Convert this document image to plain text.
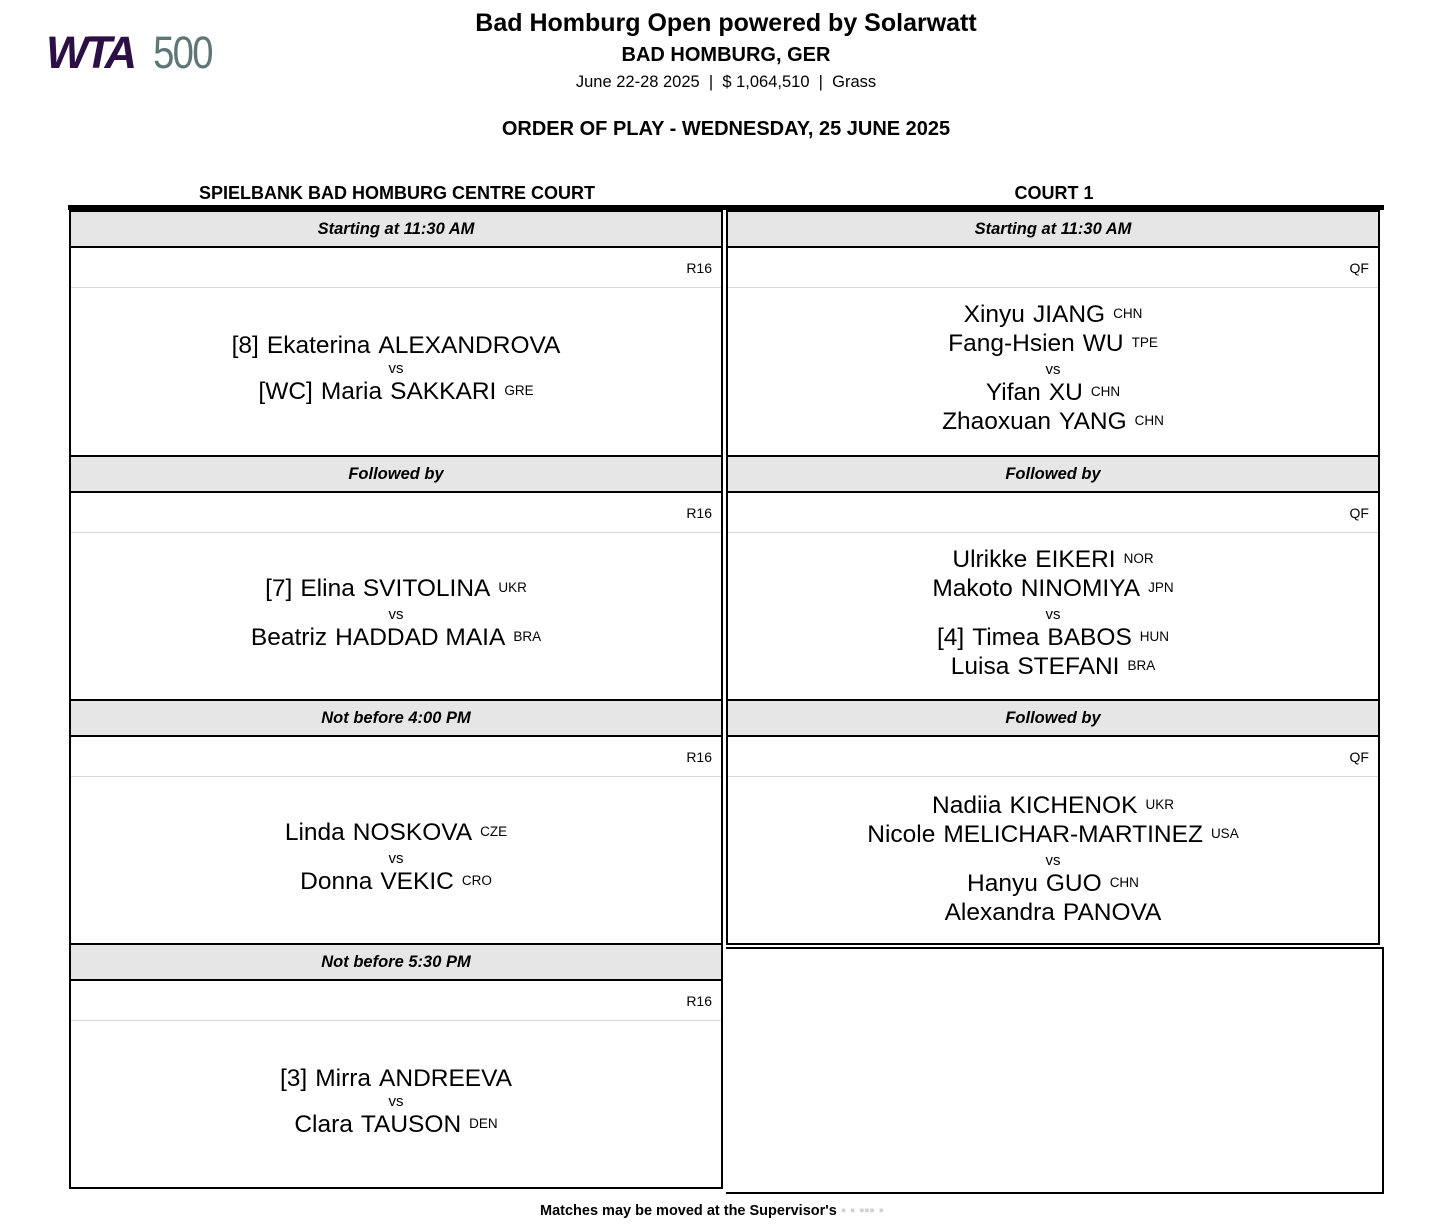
WTA 500
Bad Homburg Open powered by Solarwatt
BAD HOMBURG, GER
June 22-28 2025  |  $ 1,064,510  |  Grass
ORDER OF PLAY - WEDNESDAY, 25 JUNE 2025
SPIELBANK BAD HOMBURG CENTRE COURT	COURT 1
Starting at 11:30 AM
R16
[8] Ekaterina ALEXANDROVA
vs
[WC] Maria SAKKARI GRE
Followed by
R16
[7] Elina SVITOLINA UKR
vs
Beatriz HADDAD MAIA BRA
Not before 4:00 PM
R16
Linda NOSKOVA CZE
vs
Donna VEKIC CRO
Not before 5:30 PM
R16
[3] Mirra ANDREEVA
vs
Clara TAUSON DEN
Starting at 11:30 AM
QF
Xinyu JIANG CHN
Fang-Hsien WU TPE
vs
Yifan XU CHN
Zhaoxuan YANG CHN
Followed by
QF
Ulrikke EIKERI NOR
Makoto NINOMIYA JPN
vs
[4] Timea BABOS HUN
Luisa STEFANI BRA
Followed by
QF
Nadiia KICHENOK UKR
Nicole MELICHAR-MARTINEZ USA
vs
Hanyu GUO CHN
Alexandra PANOVA
Matches may be moved at the Supervisor's ▪ ▪ ▪▪▪ ▪
